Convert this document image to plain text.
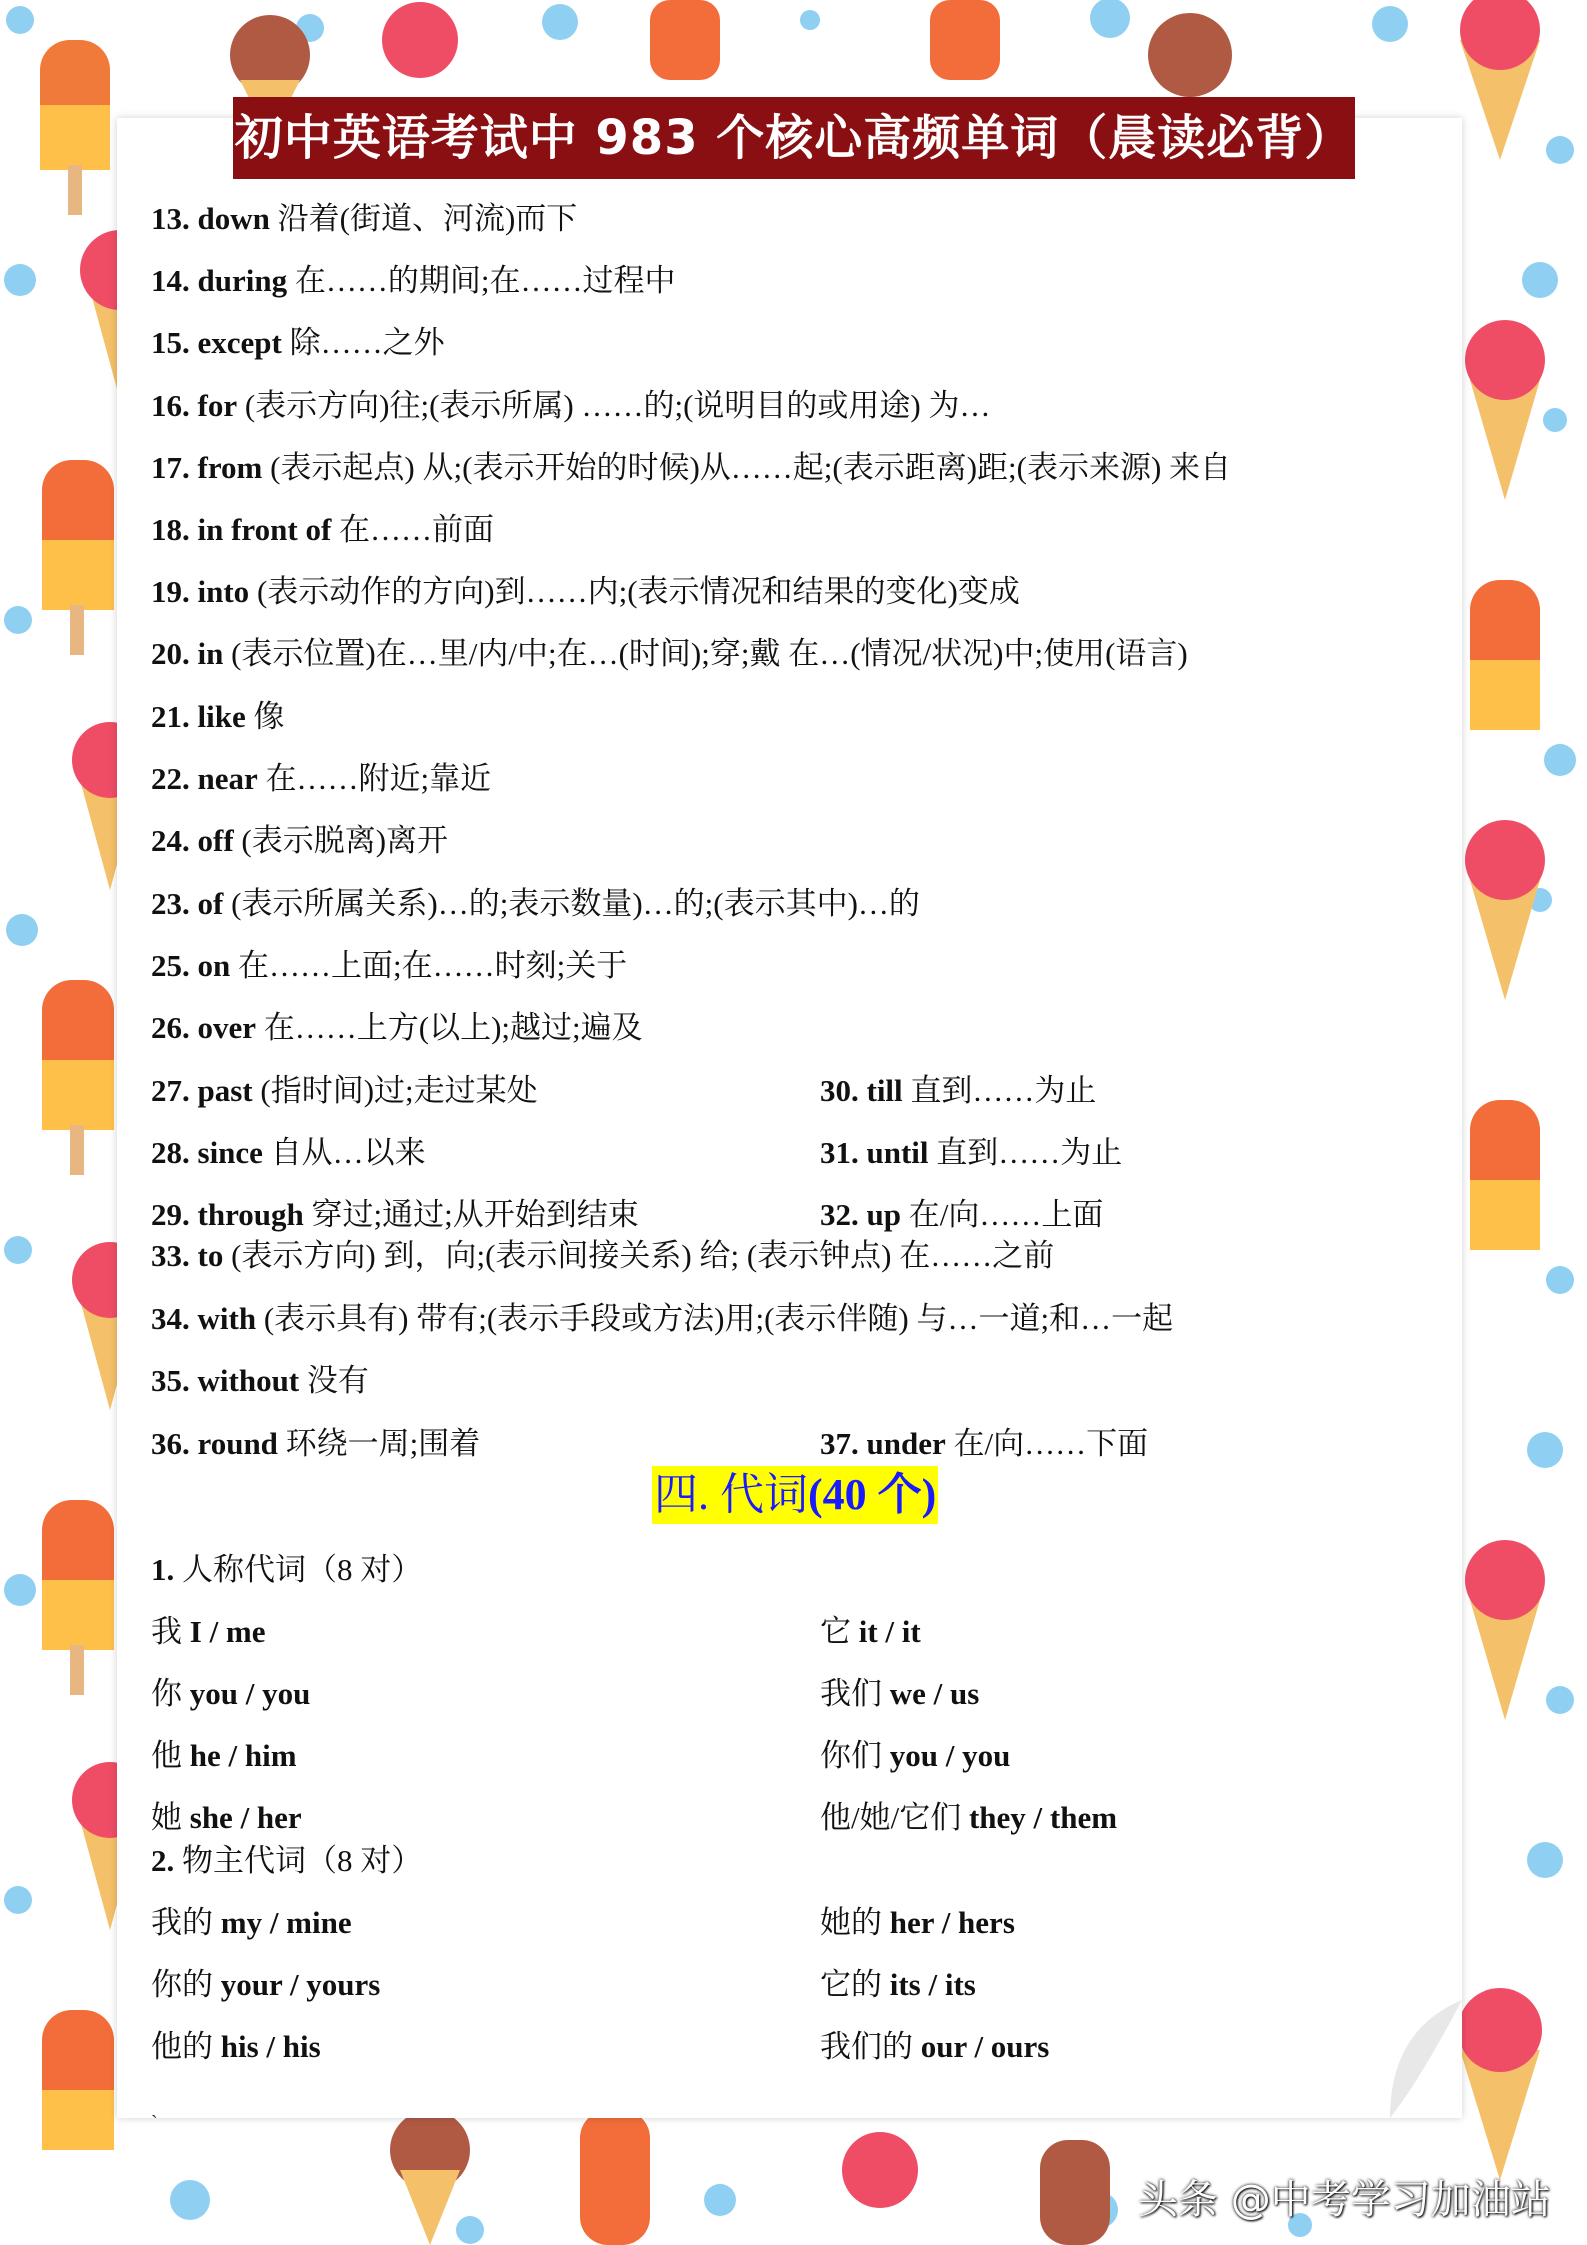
初中英语考试中 983 个核心高频单词（晨读必背）
13. down 沿着(街道、河流)而下
14. during 在……的期间;在……过程中
15. except 除……之外
16. for (表示方向)往;(表示所属) ……的;(说明目的或用途) 为…
17. from (表示起点) 从;(表示开始的时候)从……起;(表示距离)距;(表示来源) 来自
18. in front of 在……前面
19. into (表示动作的方向)到……内;(表示情况和结果的变化)变成
20. in (表示位置)在…里/内/中;在…(时间);穿;戴 在…(情况/状况)中;使用(语言)
21. like 像
22. near 在……附近;靠近
24. off (表示脱离)离开
23. of (表示所属关系)…的;表示数量)…的;(表示其中)…的
25. on 在……上面;在……时刻;关于
26. over 在……上方(以上);越过;遍及
27. past (指时间)过;走过某处	30. till 直到……为止
28. since 自从…以来	31. until 直到……为止
29. through 穿过;通过;从开始到结束	32. up 在/向……上面
33. to (表示方向) 到，向;(表示间接关系) 给; (表示钟点) 在……之前
34. with (表示具有) 带有;(表示手段或方法)用;(表示伴随) 与…一道;和…一起
35. without 没有
36. round 环绕一周;围着	37. under 在/向……下面
1. 人称代词（8 对）
我 I / me	它 it / it
你 you / you	我们 we / us
他 he / him	你们 you / you
她 she / her	他/她/它们 they / them
2. 物主代词（8 对）
我的 my / mine	她的 her / hers
你的 your / yours	它的 its / its
他的 his / his	我们的 our / ours
四. 代词(40 个)
`
头条 @中考学习加油站
